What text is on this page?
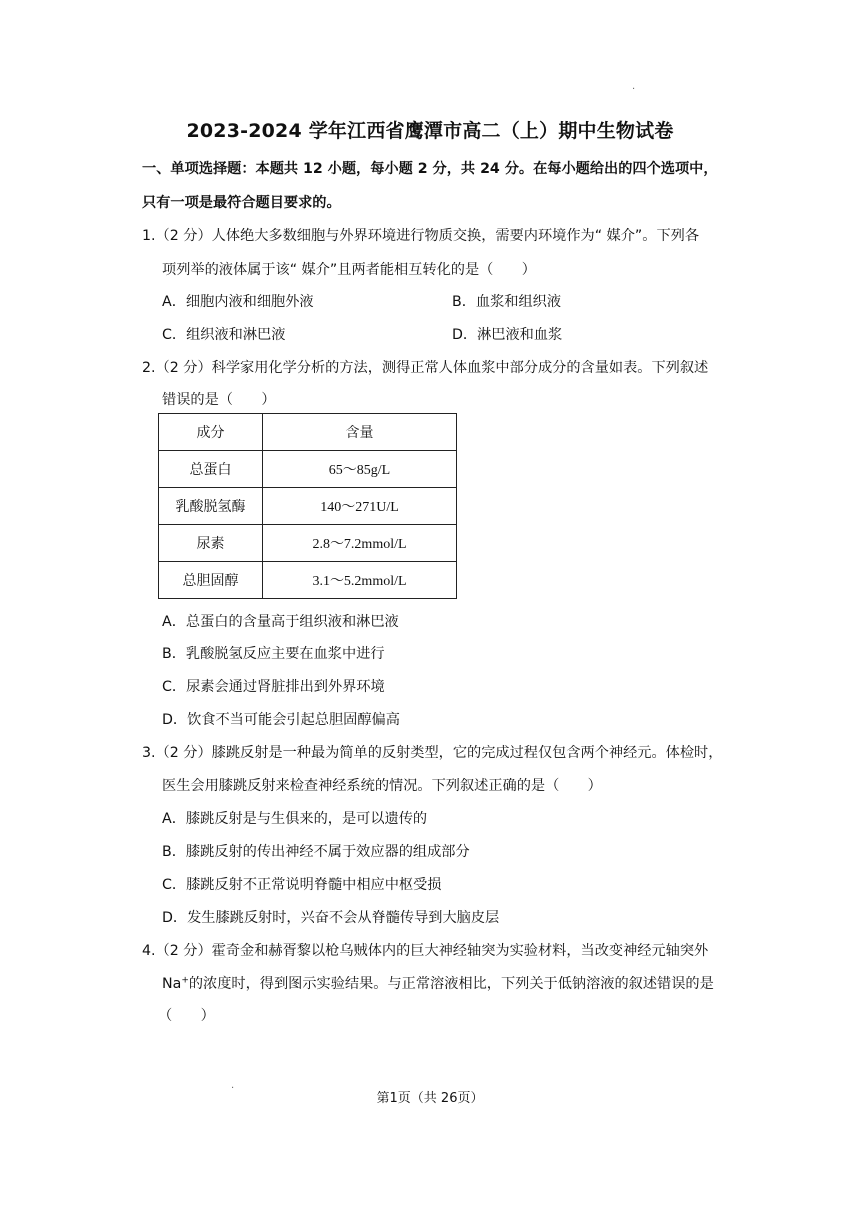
·
2023-2024 学年江西省鹰潭市高二（上）期中生物试卷
一、单项选择题：本题共 12 小题，每小题 2 分，共 24 分。在每小题给出的四个选项中，
只有一项是最符合题目要求的。
1.（2 分）人体绝大多数细胞与外界环境进行物质交换，需要内环境作为“ 媒介”。下列各
项列举的液体属于该“ 媒介”且两者能相互转化的是（　　）
A．细胞内液和细胞外液	B．血浆和组织液
C．组织液和淋巴液	D．淋巴液和血浆
2.（2 分）科学家用化学分析的方法，测得正常人体血浆中部分成分的含量如表。下列叙述
错误的是（　　）
成分	含量
总蛋白	65～85g/L
乳酸脱氢酶	140～271U/L
尿素	2.8～7.2mmol/L
总胆固醇	3.1～5.2mmol/L
A．总蛋白的含量高于组织液和淋巴液
B．乳酸脱氢反应主要在血浆中进行
C．尿素会通过肾脏排出到外界环境
D．饮食不当可能会引起总胆固醇偏高
3.（2 分）膝跳反射是一种最为简单的反射类型，它的完成过程仅包含两个神经元。体检时，
医生会用膝跳反射来检查神经系统的情况。下列叙述正确的是（　　）
A．膝跳反射是与生俱来的，是可以遗传的
B．膝跳反射的传出神经不属于效应器的组成部分
C．膝跳反射不正常说明脊髓中相应中枢受损
D．发生膝跳反射时，兴奋不会从脊髓传导到大脑皮层
4.（2 分）霍奇金和赫胥黎以枪乌贼体内的巨大神经轴突为实验材料，当改变神经元轴突外
Na+的浓度时，得到图示实验结果。与正常溶液相比，下列关于低钠溶液的叙述错误的是
（　　）
·
第1页（共 26页）
